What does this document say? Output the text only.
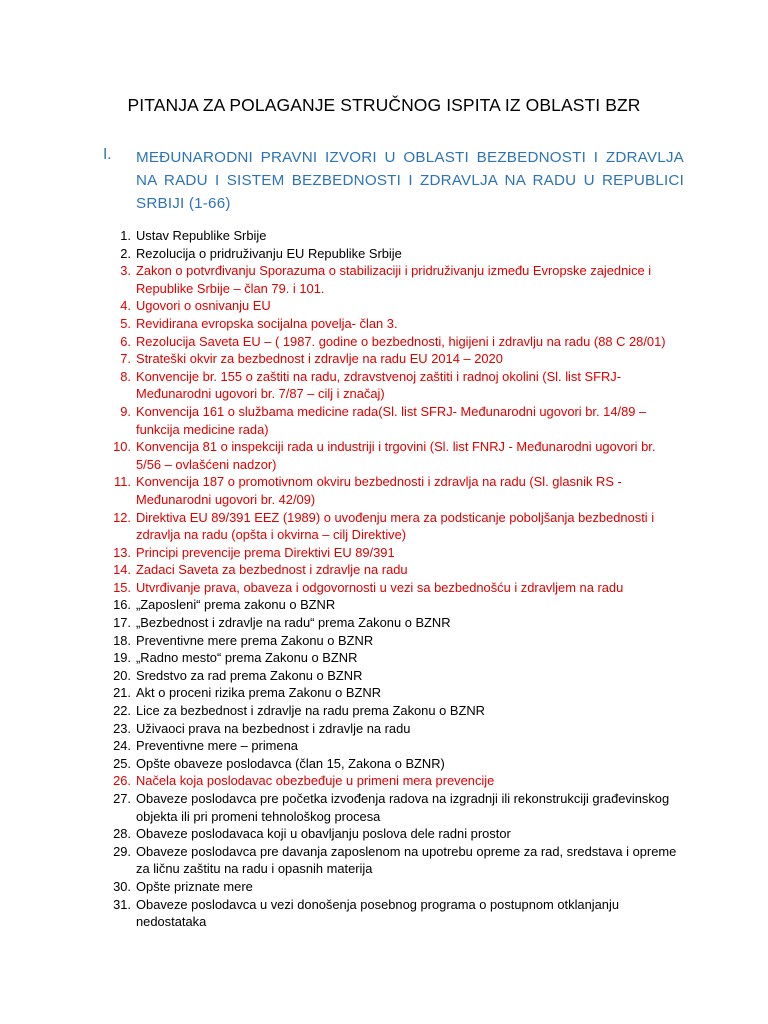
PITANJA ZA POLAGANJE STRUČNOG ISPITA IZ OBLASTI BZR
I. MEĐUNARODNI PRAVNI IZVORI U OBLASTI BEZBEDNOSTI I ZDRAVLJA NA RADU I SISTEM BEZBEDNOSTI I ZDRAVLJA NA RADU U REPUBLICI SRBIJI (1-66)
1. Ustav Republike Srbije
2. Rezolucija o pridruživanju EU Republike Srbije
3. Zakon o potvrđivanju Sporazuma o stabilizaciji i pridruživanju između Evropske zajednice i Republike Srbije – član 79. i 101.
4. Ugovori o osnivanju EU
5. Revidirana evropska socijalna povelja- član 3.
6. Rezolucija Saveta EU – ( 1987. godine o bezbednosti, higijeni i zdravlju na radu (88 C 28/01)
7. Strateški okvir za bezbednost i zdravlje na radu EU 2014 – 2020
8. Konvencije br. 155 o zaštiti na radu, zdravstvenoj zaštiti i radnoj okolini (Sl. list SFRJ- Međunarodni ugovori br. 7/87 – cilj i značaj)
9. Konvencija 161 o službama medicine rada(Sl. list SFRJ- Međunarodni ugovori br. 14/89 – funkcija medicine rada)
10. Konvencija 81 o inspekciji rada u industriji i trgovini (Sl. list FNRJ - Međunarodni ugovori br. 5/56 – ovlašćeni nadzor)
11. Konvencija 187 o promotivnom okviru bezbednosti i zdravlja na radu (Sl. glasnik RS - Međunarodni ugovori br. 42/09)
12. Direktiva EU 89/391 EEZ (1989) o uvođenju mera za podsticanje poboljšanja bezbednosti i zdravlja na radu (opšta i okvirna – cilj Direktive)
13. Principi prevencije prema Direktivi EU 89/391
14. Zadaci Saveta za bezbednost i zdravlje na radu
15. Utvrđivanje prava, obaveza i odgovornosti u vezi sa bezbednošću i zdravljem na radu
16. „Zaposleni“ prema zakonu o BZNR
17. „Bezbednost i zdravlje na radu“ prema Zakonu o BZNR
18. Preventivne mere prema Zakonu o BZNR
19. „Radno mesto“ prema Zakonu o BZNR
20. Sredstvo za rad prema Zakonu o BZNR
21. Akt o proceni rizika prema Zakonu o BZNR
22. Lice za bezbednost i zdravlje na radu prema Zakonu o BZNR
23. Uživaoci prava na bezbednost i zdravlje na radu
24. Preventivne mere – primena
25. Opšte obaveze poslodavca (član 15, Zakona o BZNR)
26. Načela koja poslodavac obezbeđuje u primeni mera prevencije
27. Obaveze poslodavca pre početka izvođenja radova na izgradnji ili rekonstrukciji građevinskog objekta ili pri promeni tehnološkog procesa
28. Obaveze poslodavaca koji u obavljanju poslova dele radni prostor
29. Obaveze poslodavca pre davanja zaposlenom na upotrebu opreme za rad, sredstava i opreme za ličnu zaštitu na radu i opasnih materija
30. Opšte priznate mere
31. Obaveze poslodavca u vezi donošenja posebnog programa o postupnom otklanjanju nedostataka
